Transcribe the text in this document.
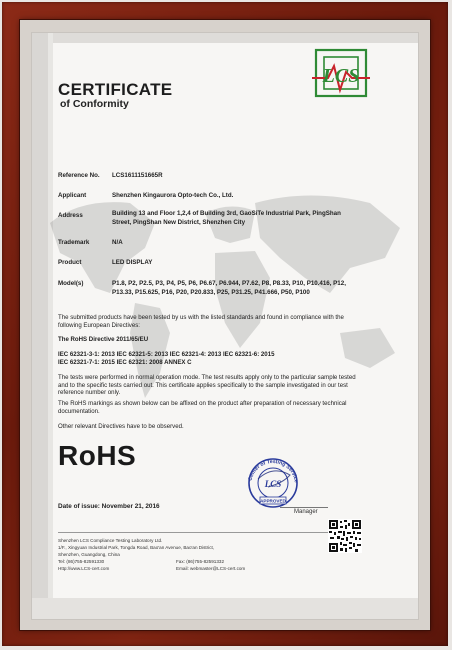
LCS
CERTIFICATE
of Conformity
Reference No. LCS1611151665R
Applicant	Shenzhen Kingaurora Opto-tech Co., Ltd.
Address	Building 13 and Floor 1,2,4 of Building 3rd, GaoSiTe Industrial Park, PingShan Street, PingShan New District, Shenzhen City
Trademark	N/A
Product	LED DISPLAY
Model(s)	P1.8, P2, P2.5, P3, P4, P5, P6, P6.67, P6.944, P7.62, P8, P8.33, P10, P10.416, P12, P13.33, P15.625, P16, P20, P20.833, P25, P31.25, P41.666, P50, P100
The submitted products have been tested by us with the listed standards and found in compliance with the following European Directives:
The RoHS Directive 2011/65/EU
IEC 62321-3-1: 2013 IEC 62321-5: 2013 IEC 62321-4: 2013 IEC 62321-6: 2015
IEC 62321-7-1: 2015 IEC 62321: 2008 ANNEX C
The tests were performed in normal operation mode. The test results apply only to the particular sample tested and to the specific tests carried out. This certificate applies specifically to the sample investigated in our test reference number only.
The RoHS markings as shown below can be affixed on the product after preparation of necessary technical documentation.
Other relevant Directives have to be observed.
RoHS
Center of Testing Service
LCS
APPROVED
Manager
Date of issue: November 21, 2016
Shenzhen LCS Compliance Testing Laboratory Ltd.
1/F., Xingyuan Industrial Park, Tongda Road, Bao'an Avenue, Bao'an District,
Shenzhen, Guangdong, China
Tel: (86)755-82591330	Fax: (86)755-82591332
Http://www.LCS-cert.com	Email: webmaster@LCS-cert.com
